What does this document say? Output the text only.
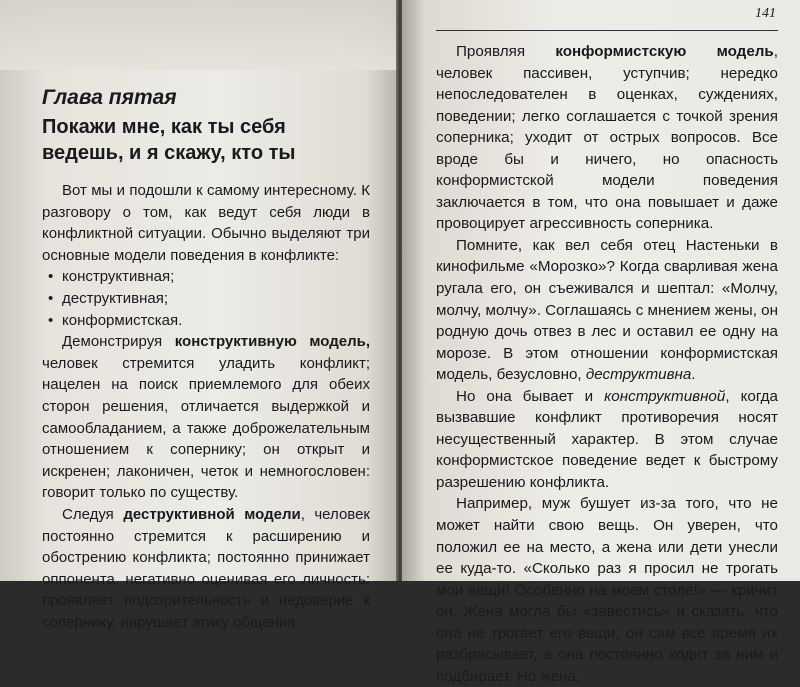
Глава пятая
Покажи мне, как ты себя ведешь, и я скажу, кто ты

Вот мы и подошли к самому интересному. К разговору о том, как ведут себя люди в конфликтной ситуации. Обычно выделяют три основные модели поведения в конфликте:

• конструктивная;
• деструктивная;
• конформистская.

Демонстрируя конструктивную модель, человек стремится уладить конфликт; нацелен на поиск приемлемого для обеих сторон решения, отличается выдержкой и самообладанием, а также доброжелательным отношением к сопернику; он открыт и искренен; лаконичен, четок и немногословен: говорит только по существу.

Следуя деструктивной модели, человек постоянно стремится к расширению и обострению конфликта; постоянно принижает оппонента, негативно оценивая его личность; проявляет подозрительность и недоверие к сопернику, нарушает этику общения.

141

Проявляя конформистскую модель, человек пассивен, уступчив; нередко непоследователен в оценках, суждениях, поведении; легко соглашается с точкой зрения соперника; уходит от острых вопросов. Все вроде бы и ничего, но опасность конформистской модели поведения заключается в том, что она повышает и даже провоцирует агрессивность соперника.

Помните, как вел себя отец Настеньки в кинофильме «Морозко»? Когда сварливая жена ругала его, он съеживался и шептал: «Молчу, молчу, молчу». Соглашаясь с мнением жены, он родную дочь отвез в лес и оставил ее одну на морозе. В этом отношении конформистская модель, безусловно, деструктивна.

Но она бывает и конструктивной, когда вызвавшие конфликт противоречия носят несущественный характер. В этом случае конформистское поведение ведет к быстрому разрешению конфликта.

Например, муж бушует из-за того, что не может найти свою вещь. Он уверен, что положил ее на место, а жена или дети унесли ее куда-то. «Сколько раз я просил не трогать мои вещи! Особенно на моем столе!» — кричит он. Жена могла бы «завестись» и сказать, что она не трогает его вещи, он сам все время их разбрасывает, а она постоянно ходит за ним и подбирает. Но жена,
